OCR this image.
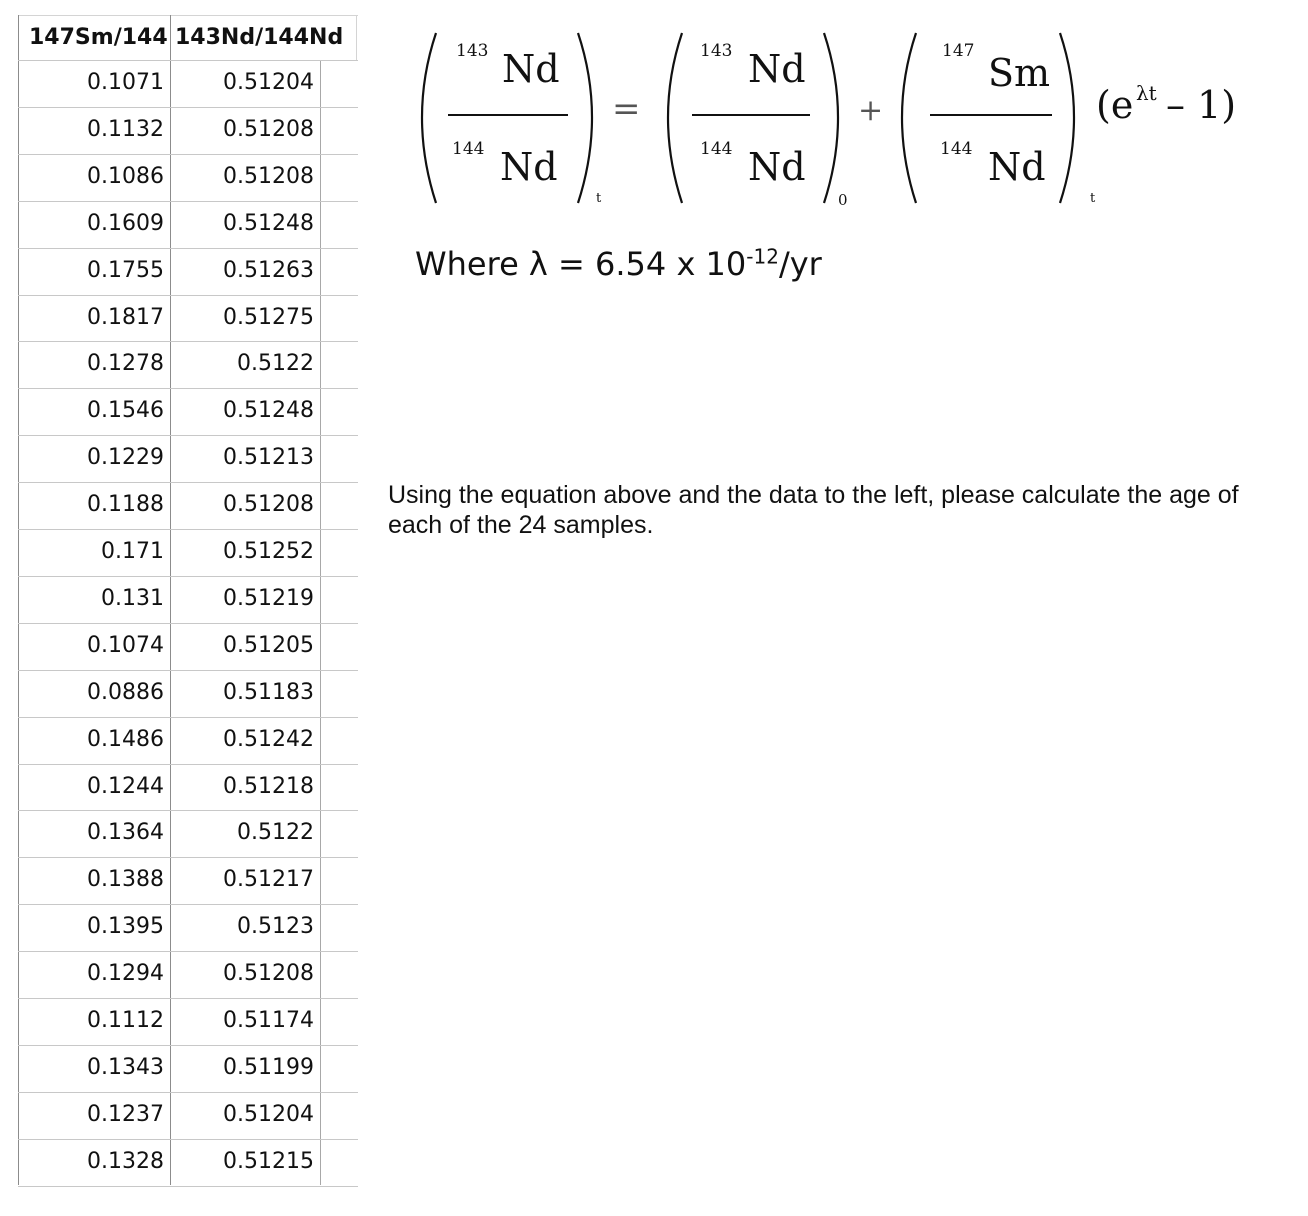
147Sm/144 143Nd/144Nd
0.1071	0.51204
0.1132	0.51208
0.1086	0.51208
0.1609	0.51248
0.1755	0.51263
0.1817	0.51275
0.1278	0.5122
0.1546	0.51248
0.1229	0.51213
0.1188	0.51208
0.171	0.51252
0.131	0.51219
0.1074	0.51205
0.0886	0.51183
0.1486	0.51242
0.1244	0.51218
0.1364	0.5122
0.1388	0.51217
0.1395	0.5123
0.1294	0.51208
0.1112	0.51174
0.1343	0.51199
0.1237	0.51204
0.1328	0.51215
143 Nd
144 Nd
t
=
143 Nd
144 Nd
0
+
147 Sm
144 Nd
t
(e λt – 1)
Where λ = 6.54 x $10^{-12}/yr$
Using the equation above and the data to the left, please calculate the age of each of the 24 samples.
